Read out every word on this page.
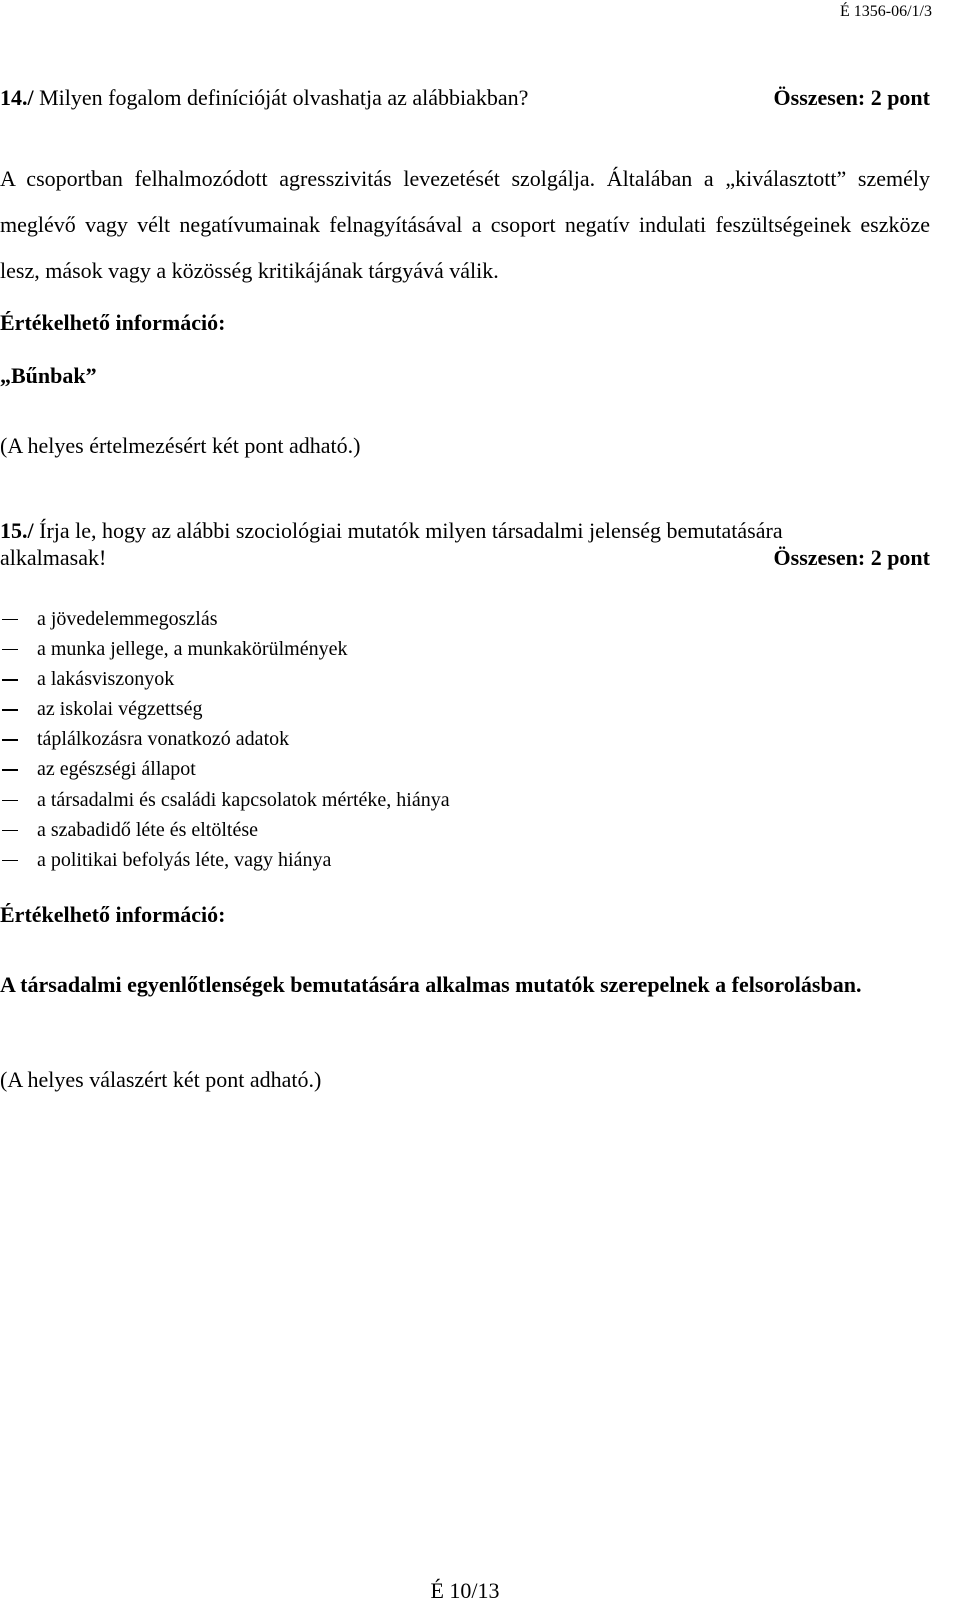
É 1356-06/1/3
14./ Milyen fogalom definícióját olvashatja az alábbiakban?	Összesen: 2 pont

A csoportban felhalmozódott agresszivitás levezetését szolgálja. Általában a „kiválasztott” személy meglévő vagy vélt negatívumainak felnagyításával a csoport negatív indulati feszültségeinek eszköze lesz, mások vagy a közösség kritikájának tárgyává válik.

Értékelhető információ:
„Bűnbak”
(A helyes értelmezésért két pont adható.)
15./ Írja le, hogy az alábbi szociológiai mutatók milyen társadalmi jelenség bemutatására
alkalmasak!	Összesen: 2 pont
a jövedelemmegoszlás
a munka jellege, a munkakörülmények
a lakásviszonyok
az iskolai végzettség
táplálkozásra vonatkozó adatok
az egészségi állapot
a társadalmi és családi kapcsolatok mértéke, hiánya
a szabadidő léte és eltöltése
a politikai befolyás léte, vagy hiánya
Értékelhető információ:

A társadalmi egyenlőtlenségek bemutatására alkalmas mutatók szerepelnek a felsorolásban.

(A helyes válaszért két pont adható.)
É 10/13
